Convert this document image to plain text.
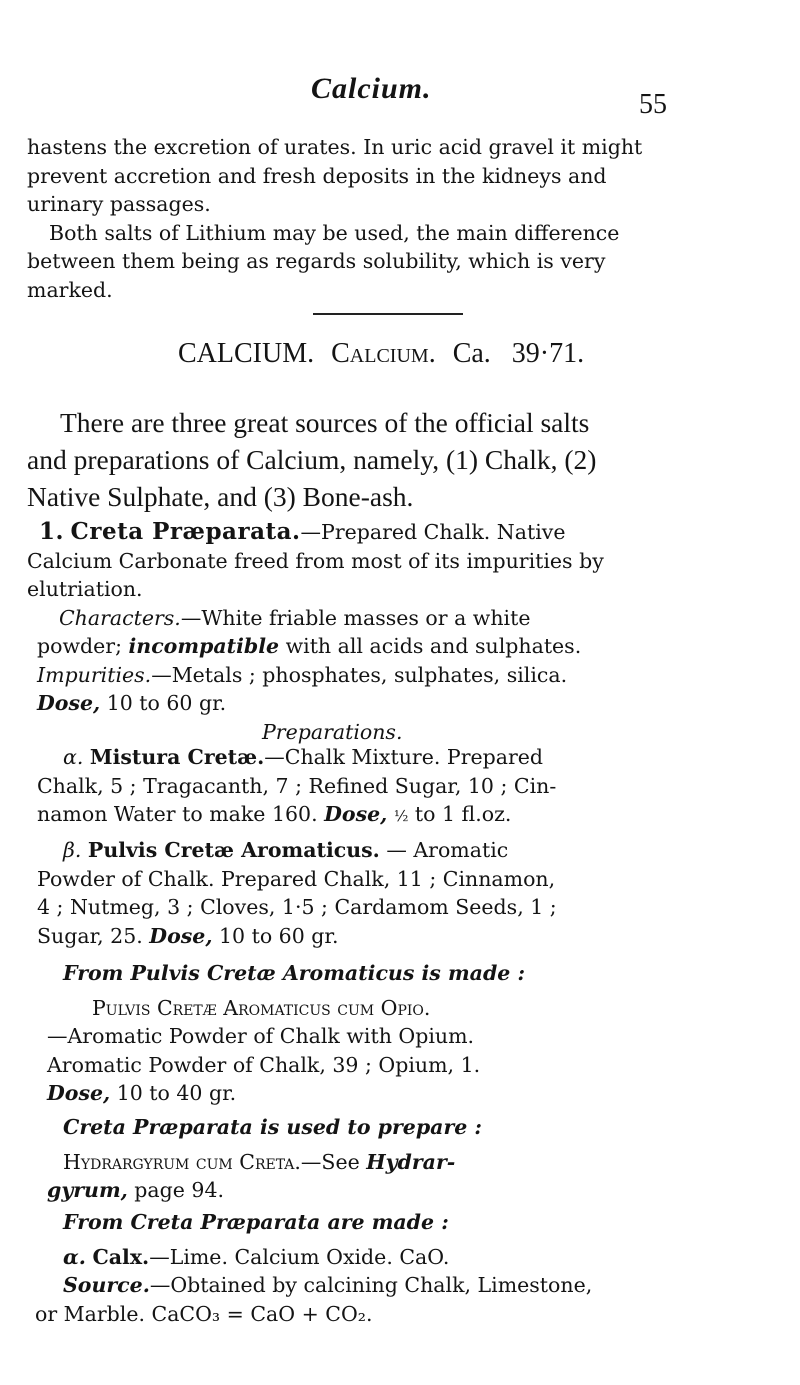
Calcium.	55
hastens the excretion of urates. In uric acid gravel it might
prevent accretion and fresh deposits in the kidneys and
urinary passages.
Both salts of Lithium may be used, the main difference
between them being as regards solubility, which is very
marked.
CALCIUM. Calcium. Ca. 39·71.
There are three great sources of the official salts
and preparations of Calcium, namely, (1) Chalk, (2)
Native Sulphate, and (3) Bone-ash.
1. Creta Præparata.—Prepared Chalk. Native
Calcium Carbonate freed from most of its impurities by
elutriation.
Characters.—White friable masses or a white
powder; incompatible with all acids and sulphates.
Impurities.—Metals ; phosphates, sulphates, silica.
Dose, 10 to 60 gr.
Preparations.
α. Mistura Cretæ.—Chalk Mixture. Prepared
Chalk, 5 ; Tragacanth, 7 ; Refined Sugar, 10 ; Cin-
namon Water to make 160. Dose, ½ to 1 fl.oz.
β. Pulvis Cretæ Aromaticus. — Aromatic
Powder of Chalk. Prepared Chalk, 11 ; Cinnamon,
4 ; Nutmeg, 3 ; Cloves, 1·5 ; Cardamom Seeds, 1 ;
Sugar, 25. Dose, 10 to 60 gr.
From Pulvis Cretæ Aromaticus is made :
Pulvis Cretæ Aromaticus cum Opio.
—Aromatic Powder of Chalk with Opium.
Aromatic Powder of Chalk, 39 ; Opium, 1.
Dose, 10 to 40 gr.
Creta Præparata is used to prepare :
Hydrargyrum cum Creta.—See Hydrar-
gyrum, page 94.
From Creta Præparata are made :
α. Calx.—Lime. Calcium Oxide. CaO.
Source.—Obtained by calcining Chalk, Limestone,
or Marble. CaCO₃ = CaO + CO₂.
